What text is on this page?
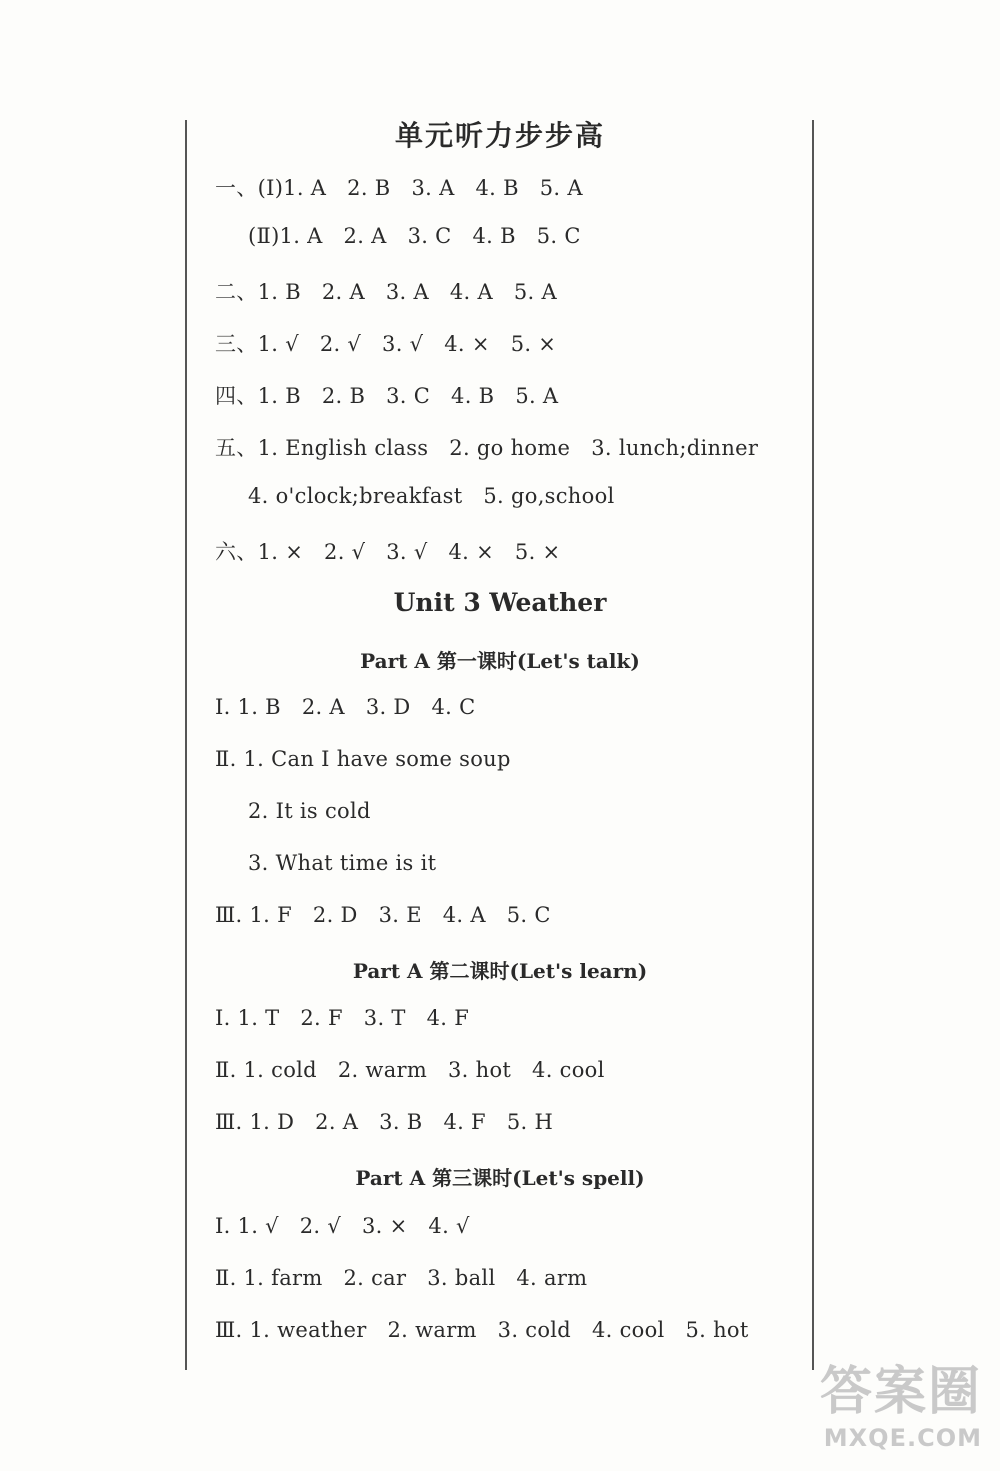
单元听力步步高
一、(Ⅰ)1. A   2. B   3. A   4. B   5. A
(Ⅱ)1. A   2. A   3. C   4. B   5. C
二、1. B   2. A   3. A   4. A   5. A
三、1. √   2. √   3. √   4. ×   5. ×
四、1. B   2. B   3. C   4. B   5. A
五、1. English class   2. go home   3. lunch;dinner
4. o'clock;breakfast   5. go,school
六、1. ×   2. √   3. √   4. ×   5. ×
Unit 3 Weather
Part A 第一课时(Let's talk)
Ⅰ. 1. B   2. A   3. D   4. C
Ⅱ. 1. Can I have some soup
2. It is cold
3. What time is it
Ⅲ. 1. F   2. D   3. E   4. A   5. C
Part A 第二课时(Let's learn)
Ⅰ. 1. T   2. F   3. T   4. F
Ⅱ. 1. cold   2. warm   3. hot   4. cool
Ⅲ. 1. D   2. A   3. B   4. F   5. H
Part A 第三课时(Let's spell)
Ⅰ. 1. √   2. √   3. ×   4. √
Ⅱ. 1. farm   2. car   3. ball   4. arm
Ⅲ. 1. weather   2. warm   3. cold   4. cool   5. hot
答案圈
MXQE.COM
